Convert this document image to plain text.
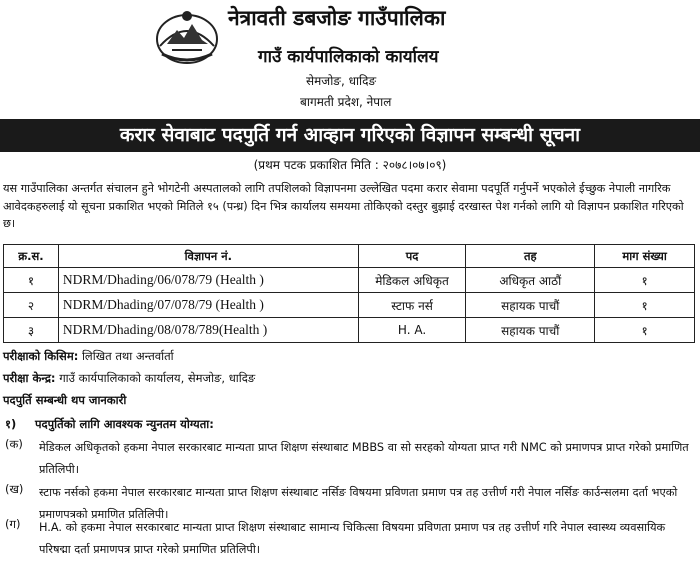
नेत्रावती डबजोङ गाउँपालिका
गाउँ कार्यपालिकाको कार्यालय
सेमजोङ, धादिङ
बागमती प्रदेश, नेपाल
करार सेवाबाट पदपुर्ति गर्न आव्हान गरिएको विज्ञापन सम्बन्धी सूचना
(प्रथम पटक प्रकाशित मिति : २०७८।०७।०९)
यस गाउँपालिका अन्तर्गत संचालन हुने भोगटेनी अस्पतालको लागि तपशिलको विज्ञापनमा उल्लेखित पदमा करार सेवामा पदपूर्ति गर्नुपर्ने भएकोले ईच्छुक नेपाली नागरिक आवेदकहरुलाई यो सूचना प्रकाशित भएको मितिले १५ (पन्ध्र) दिन भित्र कार्यालय समयमा तोकिएको दस्तुर बुझाई दरखास्त पेश गर्नको लागि यो विज्ञापन प्रकाशित गरिएको छ।
क्र.स.	विज्ञापन नं.	पद	तह	माग संख्या
१	NDRM/Dhading/06/078/79 (Health )	मेडिकल अधिकृत	अधिकृत आठौं	१
२	NDRM/Dhading/07/078/79 (Health )	स्टाफ नर्स	सहायक पाचौं	१
३	NDRM/Dhading/08/078/789(Health )	H. A.	सहायक पाचौं	१
परीक्षाको किसिम: लिखित तथा अन्तर्वार्ता
परीक्षा केन्द्र: गाउँ कार्यपालिकाको कार्यालय, सेमजोङ, धादिङ
पदपुर्ति सम्बन्धी थप जानकारी
१) पदपुर्तिको लागि आवश्यक न्युनतम योग्यता:
(क) मेडिकल अधिकृतको हकमा नेपाल सरकारबाट मान्यता प्राप्त शिक्षण संस्थाबाट MBBS वा सो सरहको योग्यता प्राप्त गरी NMC को प्रमाणपत्र प्राप्त गरेको प्रमाणित प्रतिलिपी।
(ख) स्टाफ नर्सको हकमा नेपाल सरकारबाट मान्यता प्राप्त शिक्षण संस्थाबाट नर्सिङ विषयमा प्रविणता प्रमाण पत्र तह उत्तीर्ण गरी नेपाल नर्सिङ कार्उन्सलमा दर्ता भएको प्रमाणपत्रको प्रमाणित प्रतिलिपी।
(ग) H.A. को हकमा नेपाल सरकारबाट मान्यता प्राप्त शिक्षण संस्थाबाट सामान्य चिकित्सा विषयमा प्रविणता प्रमाण पत्र तह उत्तीर्ण गरि नेपाल स्वास्थ्य व्यवसायिक परिषद्मा दर्ता प्रमाणपत्र प्राप्त गरेको प्रमाणित प्रतिलिपी।
